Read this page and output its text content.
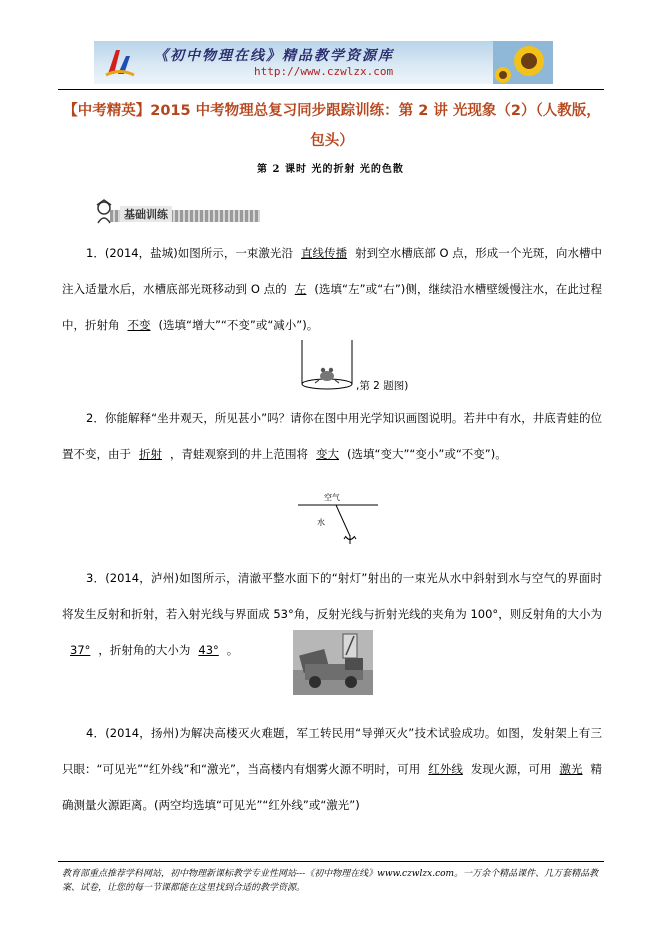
《初中物理在线》精品教学资源库
http://www.czwlzx.com
【中考精英】2015 中考物理总复习同步跟踪训练：第 2 讲 光现象（2）（人教版，包头）
第 2 课时 光的折射 光的色散
基础训练
1．(2014，盐城)如图所示，一束激光沿 直线传播 射到空水槽底部 O 点，形成一个光斑，向水槽中注入适量水后，水槽底部光斑移动到 O 点的 左 (选填“左”或“右”)侧，继续沿水槽壁缓慢注水，在此过程中，折射角 不变 (选填“增大”“不变”或“减小”)。
,第 2 题图)
2．你能解释“坐井观天，所见甚小”吗？请你在图中用光学知识画图说明。若井中有水，井底青蛙的位置不变，由于 折射 ，青蛙观察到的井上范围将 变大 (选填“变大”“变小”或“不变”)。
空气
水
3．(2014，泸州)如图所示，清澈平整水面下的“射灯”射出的一束光从水中斜射到水与空气的界面时将发生反射和折射，若入射光线与界面成 53°角，反射光线与折射光线的夹角为 100°，则反射角的大小为37° ，折射角的大小为 43° 。
4．(2014，扬州)为解决高楼灭火难题，军工转民用“导弹灭火”技术试验成功。如图，发射架上有三只眼：“可见光”“红外线”和“激光”，当高楼内有烟雾火源不明时，可用 红外线 发现火源，可用 激光 精确测量火源距离。(两空均选填“可见光”“红外线”或“激光”)
教育部重点推荐学科网站，初中物理新课标教学专业性网站---《初中物理在线》www.czwlzx.com。一万余个精品课件、几万套精品教案、试卷，让您的每一节课都能在这里找到合适的教学资源。
